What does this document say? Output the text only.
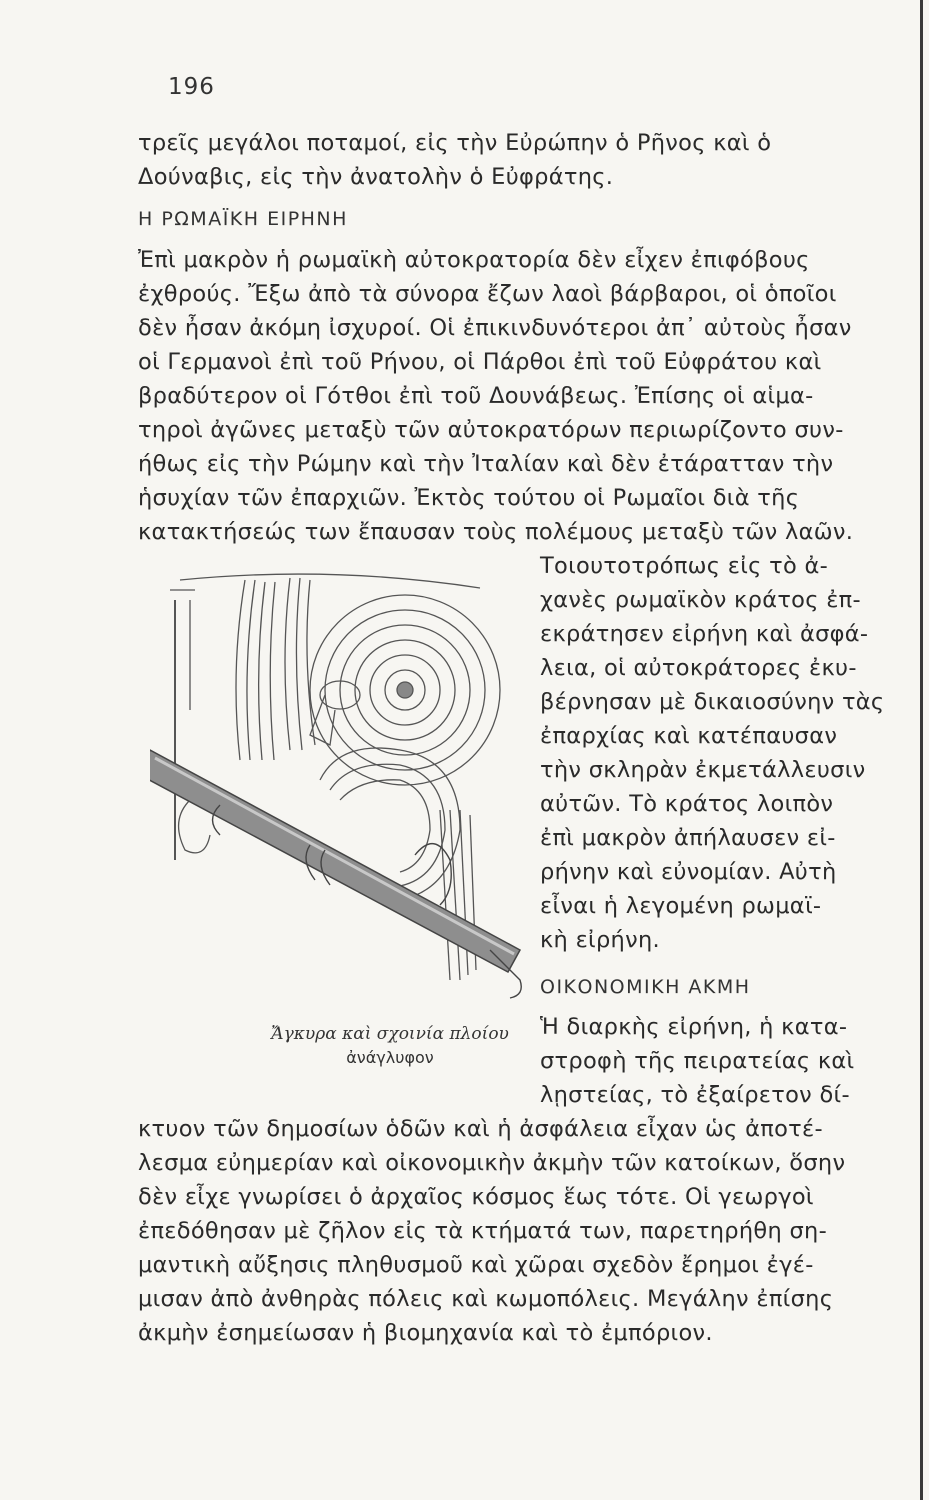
196
τρεῖς μεγάλοι ποταμοί, εἰς τὴν Εὐρώπην ὁ Ρῆνος καὶ ὁ
Δούναβις, εἰς τὴν ἀνατολὴν ὁ Εὐφράτης.
Η ΡΩΜΑΪΚΗ ΕΙΡΗΝΗ
Ἐπὶ μακρὸν ἡ ρωμαϊκὴ αὐτοκρατορία δὲν εἶχεν ἐπιφόβους
ἐχθρούς. Ἔξω ἀπὸ τὰ σύνορα ἔζων λαοὶ βάρβαροι, οἱ ὁποῖοι
δὲν ἦσαν ἀκόμη ἰσχυροί. Οἱ ἐπικινδυνότεροι ἀπ᾿ αὐτοὺς ἦσαν
οἱ Γερμανοὶ ἐπὶ τοῦ Ρήνου, οἱ Πάρθοι ἐπὶ τοῦ Εὐφράτου καὶ
βραδύτερον οἱ Γότθοι ἐπὶ τοῦ Δουνάβεως. Ἐπίσης οἱ αἱμα-
τηροὶ ἀγῶνες μεταξὺ τῶν αὐτοκρατόρων περιωρίζοντο συν-
ήθως εἰς τὴν Ρώμην καὶ τὴν Ἰταλίαν καὶ δὲν ἐτάρατταν τὴν
ἡσυχίαν τῶν ἐπαρχιῶν. Ἐκτὸς τούτου οἱ Ρωμαῖοι διὰ τῆς
κατακτήσεώς των ἔπαυσαν τοὺς πολέμους μεταξὺ τῶν λαῶν.
Τοιουτοτρόπως εἰς τὸ ἀ-
χανὲς ρωμαϊκὸν κράτος ἐπ-
εκράτησεν εἰρήνη καὶ ἀσφά-
λεια, οἱ αὐτοκράτορες ἐκυ-
βέρνησαν μὲ δικαιοσύνην τὰς
ἐπαρχίας καὶ κατέπαυσαν
τὴν σκληρὰν ἐκμετάλλευσιν
αὐτῶν. Τὸ κράτος λοιπὸν
ἐπὶ μακρὸν ἀπήλαυσεν εἰ-
ρήνην καὶ εὐνομίαν. Αὐτὴ
εἶναι ἡ λεγομένη ρωμαϊ-
κὴ εἰρήνη.
ΟΙΚΟΝΟΜΙΚΗ ΑΚΜΗ
Ἡ διαρκὴς εἰρήνη, ἡ κατα-
στροφὴ τῆς πειρατείας καὶ
λῃστείας, τὸ ἐξαίρετον δί-
κτυον τῶν δημοσίων ὁδῶν καὶ ἡ ἀσφάλεια εἶχαν ὡς ἀποτέ-
λεσμα εὐημερίαν καὶ οἰκονομικὴν ἀκμὴν τῶν κατοίκων, ὅσην
δὲν εἶχε γνωρίσει ὁ ἀρχαῖος κόσμος ἕως τότε. Οἱ γεωργοὶ
ἐπεδόθησαν μὲ ζῆλον εἰς τὰ κτήματά των, παρετηρήθη ση-
μαντικὴ αὔξησις πληθυσμοῦ καὶ χῶραι σχεδὸν ἔρημοι ἐγέ-
μισαν ἀπὸ ἀνθηρὰς πόλεις καὶ κωμοπόλεις. Μεγάλην ἐπίσης
ἀκμὴν ἐσημείωσαν ἡ βιομηχανία καὶ τὸ ἐμπόριον.
Ἄγκυρα καὶ σχοινία πλοίου
ἀνάγλυφον
